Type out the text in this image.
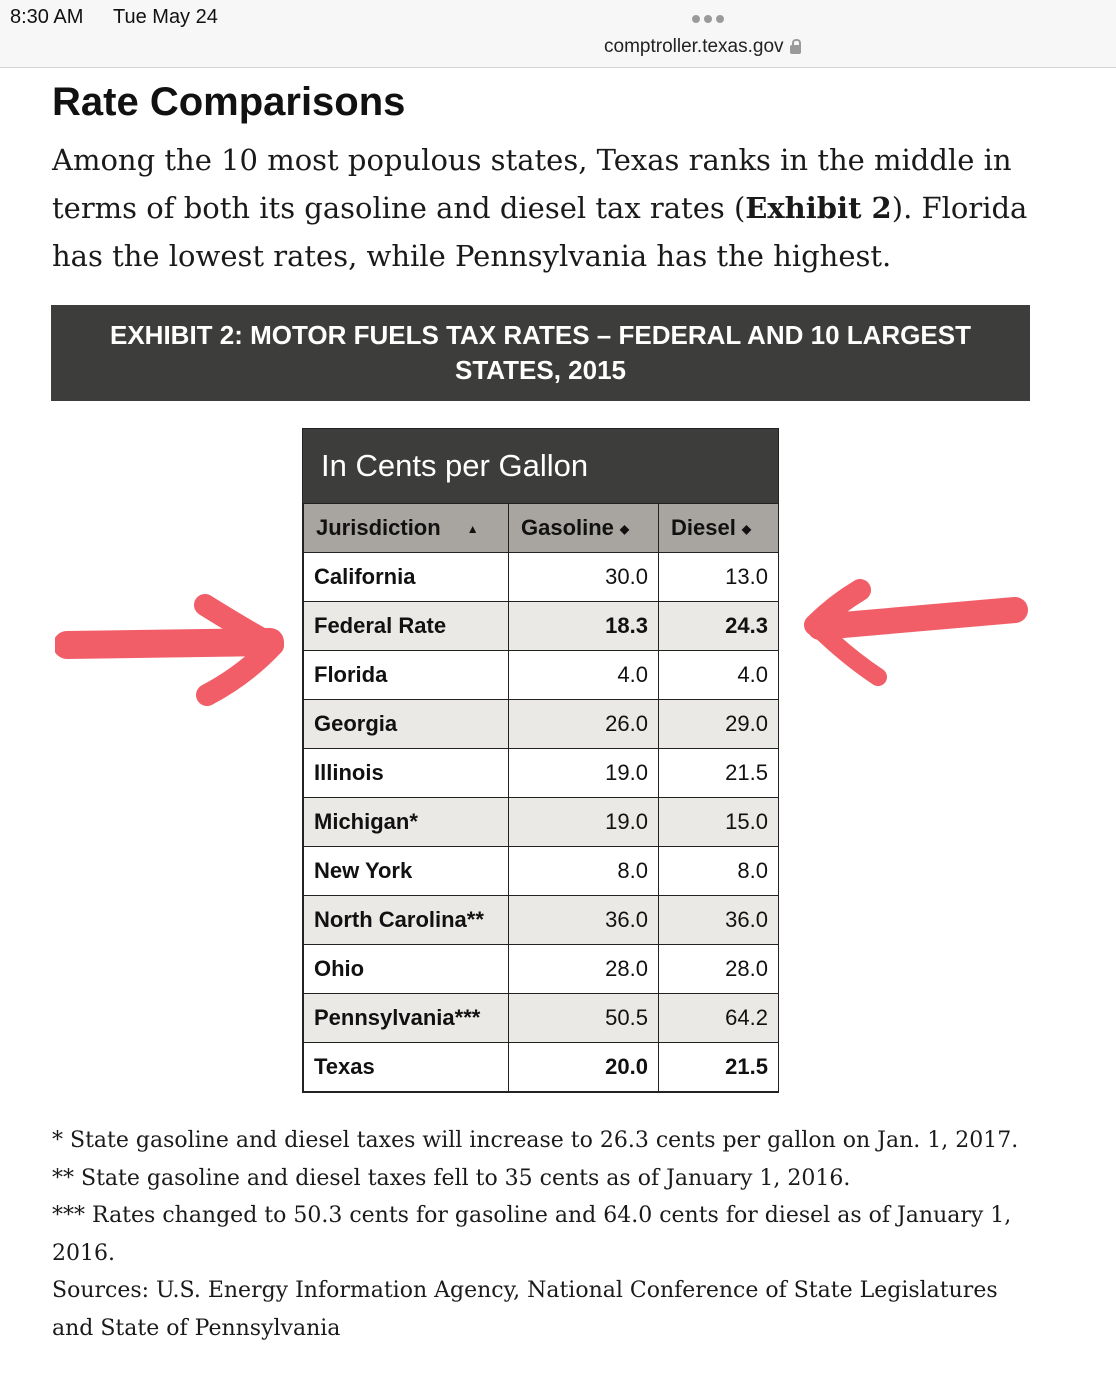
8:30 AM Tue May 24
comptroller.texas.gov
Rate Comparisons

Among the 10 most populous states, Texas ranks in the middle in terms of both its gasoline and diesel tax rates (Exhibit 2). Florida has the lowest rates, while Pennsylvania has the highest.

EXHIBIT 2: MOTOR FUELS TAX RATES – FEDERAL AND 10 LARGEST STATES, 2015
In Cents per Gallon
Jurisdiction ▲	Gasoline ◆	Diesel ◆
California	30.0	13.0
Federal Rate	18.3	24.3
Florida	4.0	4.0
Georgia	26.0	29.0
Illinois	19.0	21.5
Michigan*	19.0	15.0
New York	8.0	8.0
North Carolina**	36.0	36.0
Ohio	28.0	28.0
Pennsylvania***	50.5	64.2
Texas	20.0	21.5

* State gasoline and diesel taxes will increase to 26.3 cents per gallon on Jan. 1, 2017.

** State gasoline and diesel taxes fell to 35 cents as of January 1, 2016.

*** Rates changed to 50.3 cents for gasoline and 64.0 cents for diesel as of January 1, 2016.

Sources: U.S. Energy Information Agency, National Conference of State Legislatures and State of Pennsylvania
